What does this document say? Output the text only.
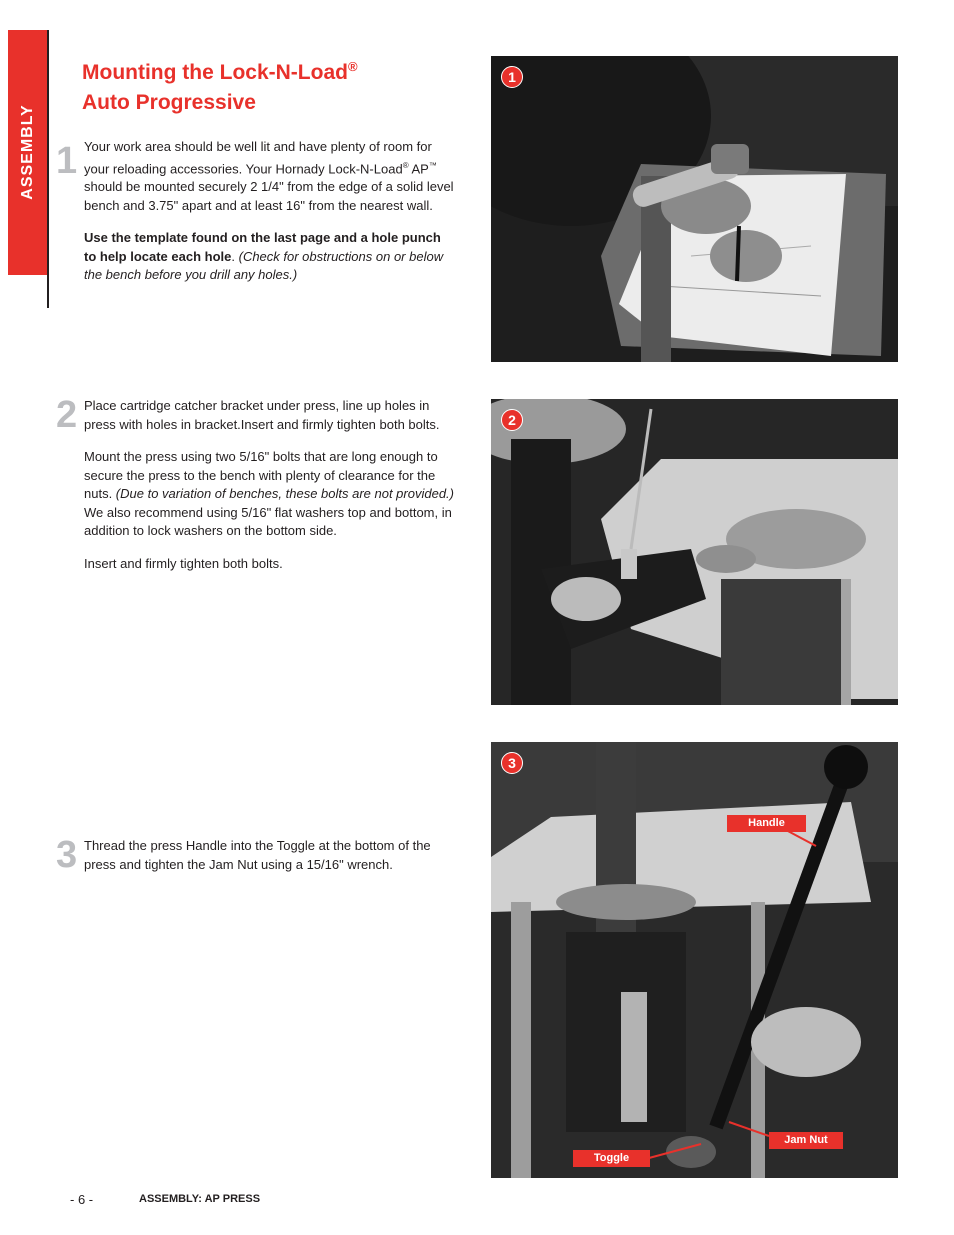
ASSEMBLY
Mounting the Lock-N-Load®
Auto Progressive
1 Your work area should be well lit and have plenty of room for your reloading accessories. Your Hornady Lock-N-Load® AP™ should be mounted securely 2 1/4" from the edge of a solid level bench and 3.75" apart and at least 16" from the nearest wall.

Use the template found on the last page and a hole punch to help locate each hole. (Check for obstructions on or below the bench before you drill any holes.)

2 Place cartridge catcher bracket under press, line up holes in press with holes in bracket.Insert and firmly tighten both bolts.

Mount the press using two 5/16" bolts that are long enough to secure the press to the bench with plenty of clearance for the nuts. (Due to variation of benches, these bolts are not provided.) We also recommend using 5/16" flat washers top and bottom, in addition to lock washers on the bottom side.

Insert and firmly tighten both bolts.

3 Thread the press Handle into the Toggle at the bottom of the press and tighten the Jam Nut using a 15/16" wrench.

1
2
3
Handle
Jam Nut
Toggle
- 6 -	ASSEMBLY: AP PRESS
